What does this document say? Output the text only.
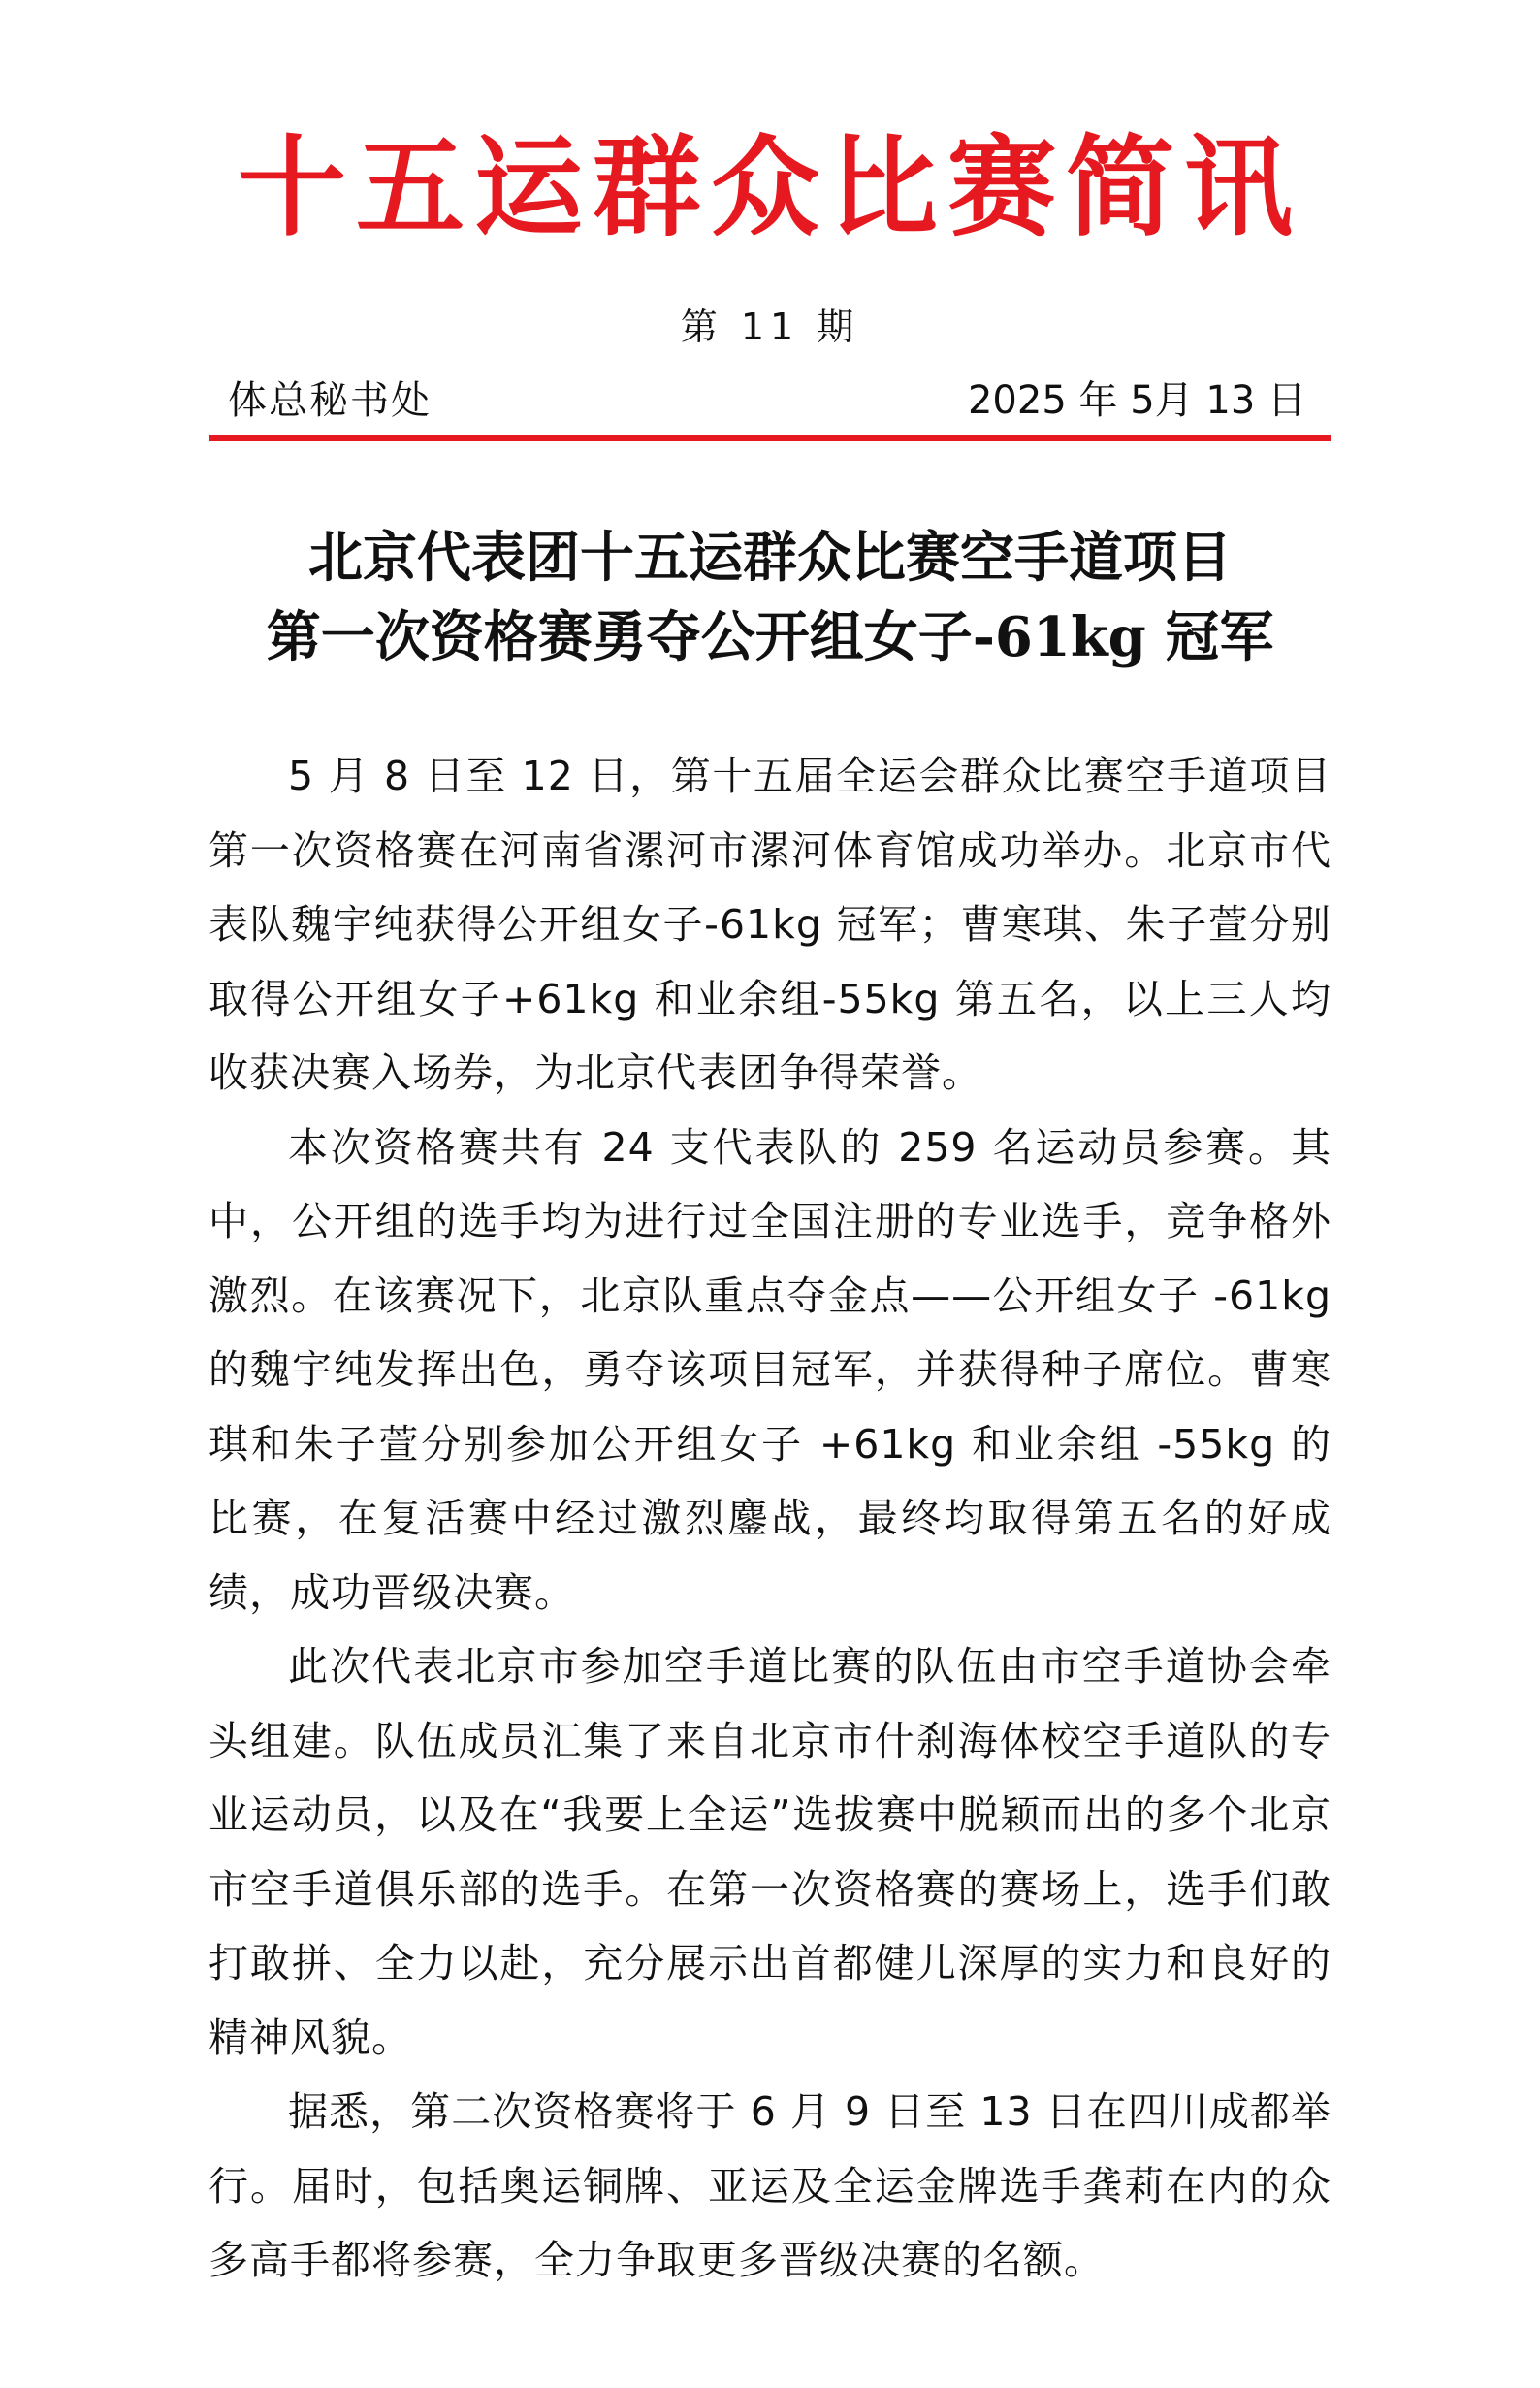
十五运群众比赛简讯
第 11 期
体总秘书处	2025 年 5月 13 日
北京代表团十五运群众比赛空手道项目
第一次资格赛勇夺公开组女子-61kg 冠军

5 月 8 日至 12 日，第十五届全运会群众比赛空手道项目第一次资格赛在河南省漯河市漯河体育馆成功举办。北京市代表队魏宇纯获得公开组女子-61kg 冠军；曹寒琪、朱子萱分别取得公开组女子+61kg 和业余组-55kg 第五名，以上三人均收获决赛入场券，为北京代表团争得荣誉。

本次资格赛共有 24 支代表队的 259 名运动员参赛。其中，公开组的选手均为进行过全国注册的专业选手，竞争格外激烈。在该赛况下，北京队重点夺金点——公开组女子 -61kg 的魏宇纯发挥出色，勇夺该项目冠军，并获得种子席位。曹寒琪和朱子萱分别参加公开组女子 +61kg 和业余组 -55kg 的比赛，在复活赛中经过激烈鏖战，最终均取得第五名的好成绩，成功晋级决赛。

此次代表北京市参加空手道比赛的队伍由市空手道协会牵头组建。队伍成员汇集了来自北京市什刹海体校空手道队的专业运动员，以及在“我要上全运”选拔赛中脱颖而出的多个北京市空手道俱乐部的选手。在第一次资格赛的赛场上，选手们敢打敢拼、全力以赴，充分展示出首都健儿深厚的实力和良好的精神风貌。

据悉，第二次资格赛将于 6 月 9 日至 13 日在四川成都举行。届时，包括奥运铜牌、亚运及全运金牌选手龚莉在内的众多高手都将参赛，全力争取更多晋级决赛的名额。
